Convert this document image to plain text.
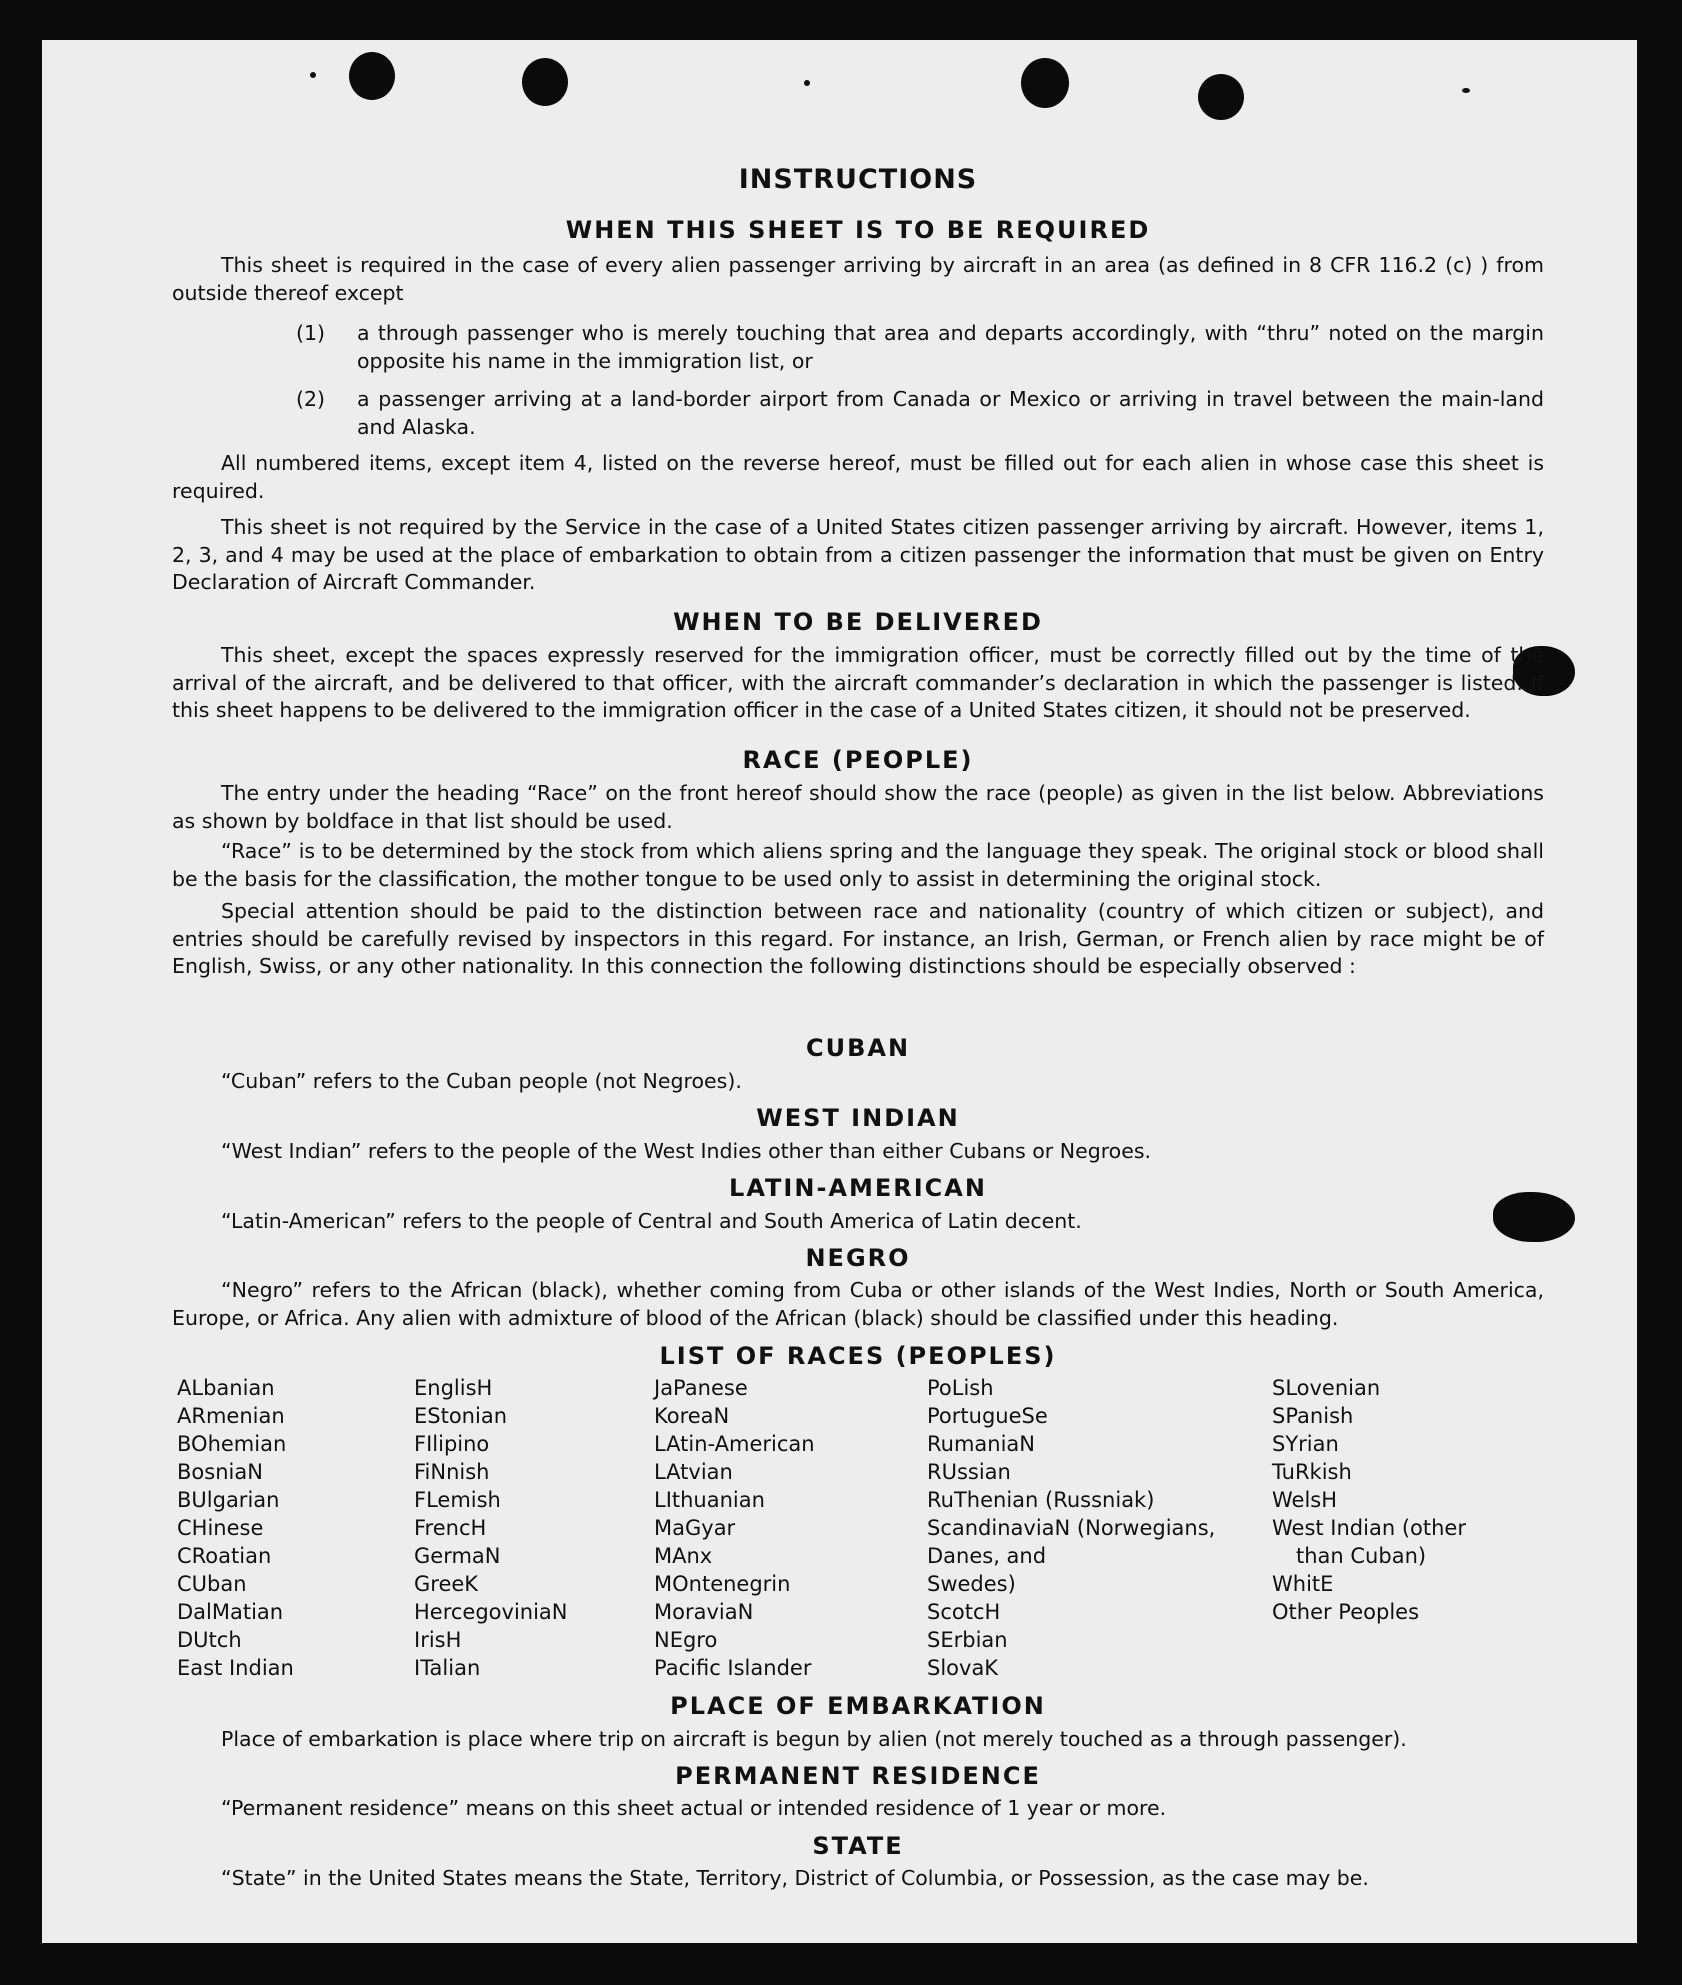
INSTRUCTIONS
WHEN THIS SHEET IS TO BE REQUIRED
This sheet is required in the case of every alien passenger arriving by aircraft in an area (as defined in 8 CFR 116.2 (c) ) from outside thereof except
(1) a through passenger who is merely touching that area and departs accordingly, with “thru” noted on the margin opposite his name in the immigration list, or
(2) a passenger arriving at a land-border airport from Canada or Mexico or arriving in travel between the main-land and Alaska.
All numbered items, except item 4, listed on the reverse hereof, must be filled out for each alien in whose case this sheet is required.
This sheet is not required by the Service in the case of a United States citizen passenger arriving by aircraft. However, items 1, 2, 3, and 4 may be used at the place of embarkation to obtain from a citizen passenger the information that must be given on Entry Declaration of Aircraft Commander.
WHEN TO BE DELIVERED
This sheet, except the spaces expressly reserved for the immigration officer, must be correctly filled out by the time of the arrival of the aircraft, and be delivered to that officer, with the aircraft commander’s declaration in which the passenger is listed. If this sheet happens to be delivered to the immigration officer in the case of a United States citizen, it should not be preserved.
RACE (PEOPLE)
The entry under the heading “Race” on the front hereof should show the race (people) as given in the list below. Abbreviations as shown by boldface in that list should be used.
“Race” is to be determined by the stock from which aliens spring and the language they speak. The original stock or blood shall be the basis for the classification, the mother tongue to be used only to assist in determining the original stock.
Special attention should be paid to the distinction between race and nationality (country of which citizen or subject), and entries should be carefully revised by inspectors in this regard. For instance, an Irish, German, or French alien by race might be of English, Swiss, or any other nationality. In this connection the following distinctions should be especially observed :
CUBAN
“Cuban” refers to the Cuban people (not Negroes).
WEST INDIAN
“West Indian” refers to the people of the West Indies other than either Cubans or Negroes.
LATIN-AMERICAN
“Latin-American” refers to the people of Central and South America of Latin decent.
NEGRO
“Negro” refers to the African (black), whether coming from Cuba or other islands of the West Indies, North or South America, Europe, or Africa. Any alien with admixture of blood of the African (black) should be classified under this heading.
LIST OF RACES (PEOPLES)
ALbanian
ARmenian
BOhemian
BosniaN
BUlgarian
CHinese
CRoatian
CUban
DalMatian
DUtch
East Indian
EnglisH
EStonian
FIlipino
FiNnish
FLemish
FrencH
GermaN
GreeK
HercegoviniaN
IrisH
ITalian
JaPanese
KoreaN
LAtin-American
LAtvian
LIthuanian
MaGyar
MAnx
MOntenegrin
MoraviaN
NEgro
Pacific Islander
PoLish
PortugueSe
RumaniaN
RUssian
RuThenian (Russniak)
ScandinaviaN (Norwegians,
Danes, and
Swedes)
ScotcH
SErbian
SlovaK
SLovenian
SPanish
SYrian
TuRkish
WelsH
West Indian (other
than Cuban)
WhitE
Other Peoples
PLACE OF EMBARKATION
Place of embarkation is place where trip on aircraft is begun by alien (not merely touched as a through passenger).
PERMANENT RESIDENCE
“Permanent residence” means on this sheet actual or intended residence of 1 year or more.
STATE
“State” in the United States means the State, Territory, District of Columbia, or Possession, as the case may be.
